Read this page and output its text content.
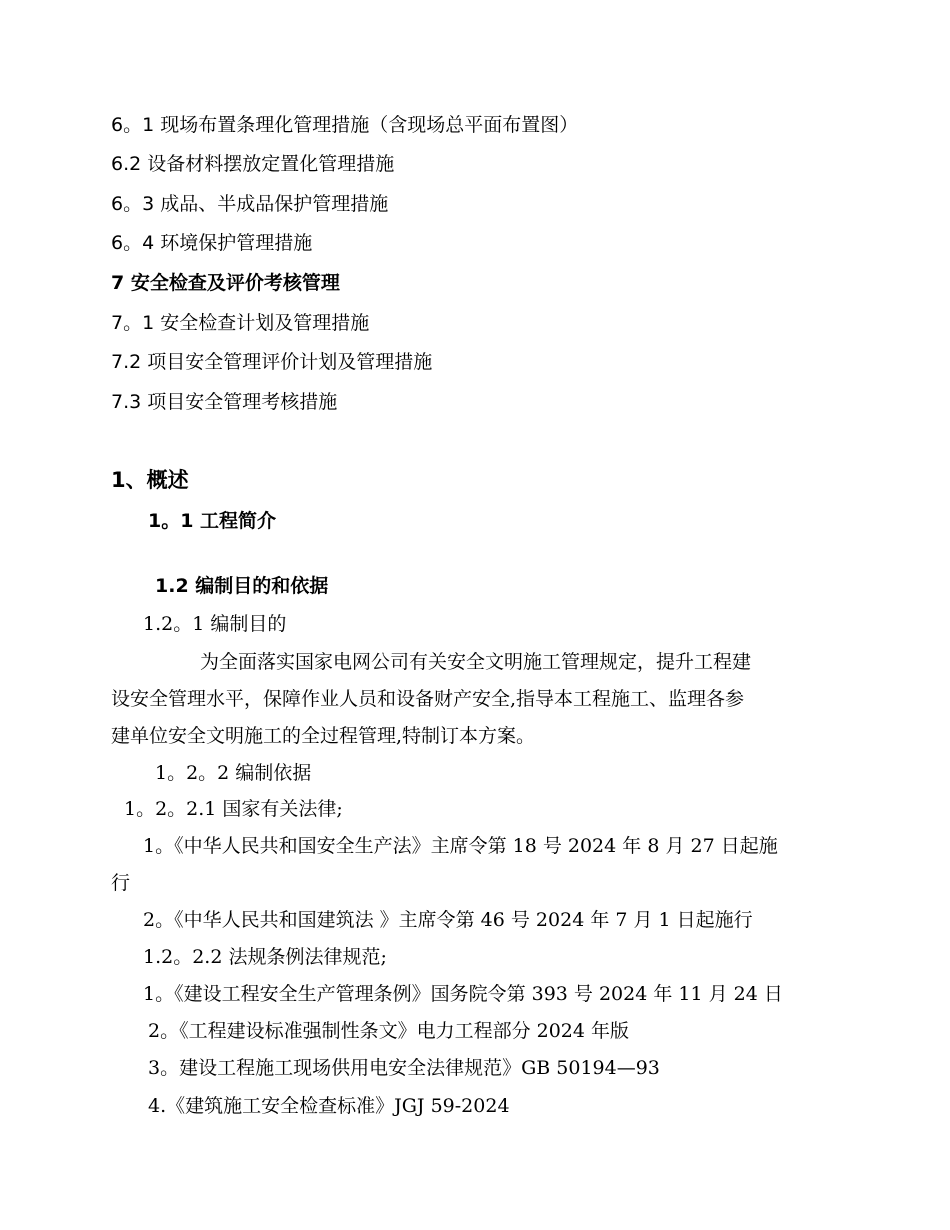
6。1 现场布置条理化管理措施（含现场总平面布置图）
6.2 设备材料摆放定置化管理措施
6。3 成品、半成品保护管理措施
6。4 环境保护管理措施
7 安全检查及评价考核管理
7。1 安全检查计划及管理措施
7.2 项目安全管理评价计划及管理措施
7.3 项目安全管理考核措施
1、概述
1。1 工程简介
1.2 编制目的和依据
1.2。1 编制目的
为全面落实国家电网公司有关安全文明施工管理规定，提升工程建
设安全管理水平，保障作业人员和设备财产安全,指导本工程施工、监理各参
建单位安全文明施工的全过程管理,特制订本方案。
1。2。2 编制依据
1。2。2.1 国家有关法律;
1。《中华人民共和国安全生产法》主席令第 18 号 2024 年 8 月 27 日起施
行
2。《中华人民共和国建筑法 》主席令第 46 号 2024 年 7 月 1 日起施行
1.2。2.2 法规条例法律规范;
1。《建设工程安全生产管理条例》国务院令第 393 号 2024 年 11 月 24 日
2。《工程建设标准强制性条文》电力工程部分 2024 年版
3。建设工程施工现场供用电安全法律规范》GB 50194—93
4.《建筑施工安全检查标准》JGJ 59-2024
